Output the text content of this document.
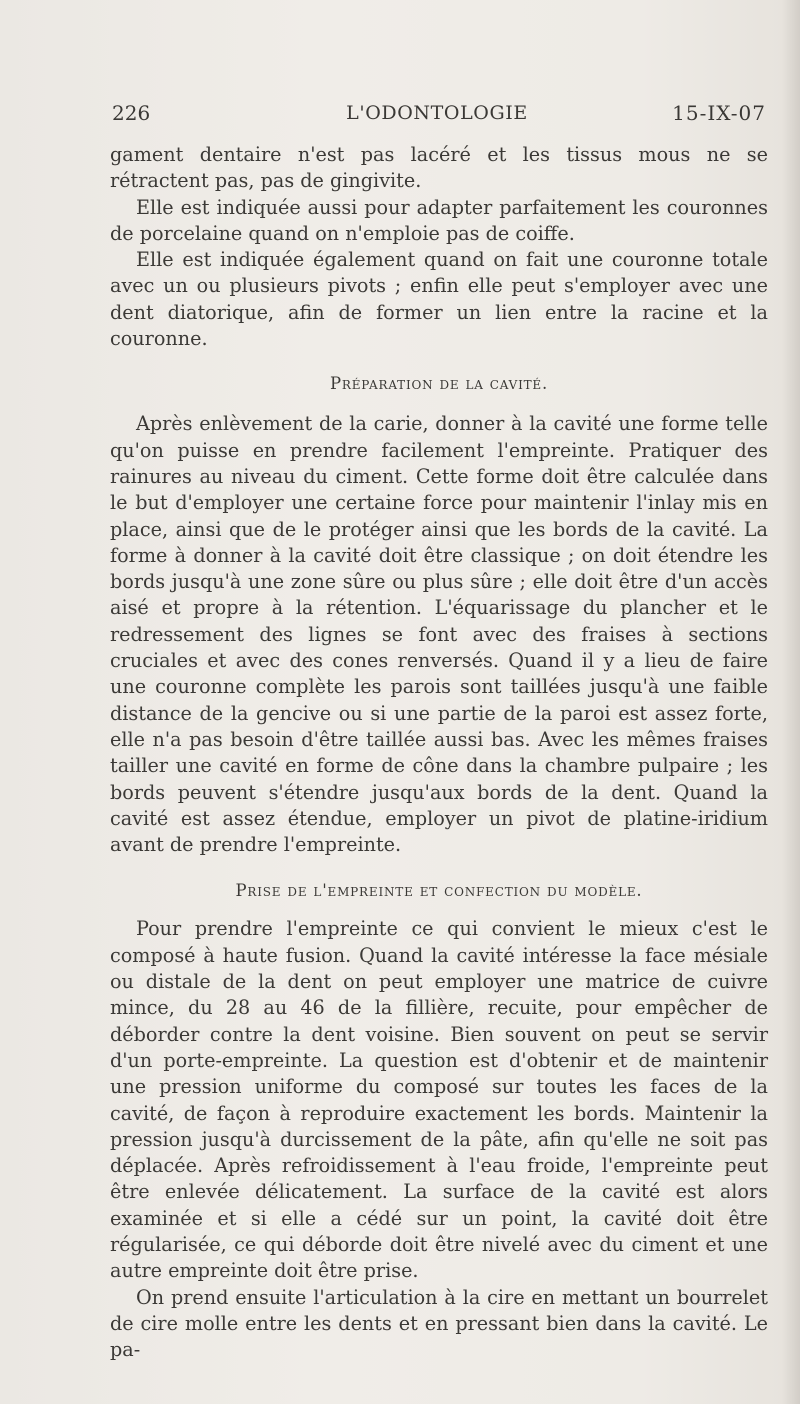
226	L'ODONTOLOGIE	15-IX-07

gament dentaire n'est pas lacéré et les tissus mous ne se rétractent pas, pas de gingivite.

Elle est indiquée aussi pour adapter parfaitement les couronnes de porcelaine quand on n'emploie pas de coiffe.

Elle est indiquée également quand on fait une couronne totale avec un ou plusieurs pivots ; enfin elle peut s'employer avec une dent diatorique, afin de former un lien entre la racine et la couronne.

Préparation de la cavité.

Après enlèvement de la carie, donner à la cavité une forme telle qu'on puisse en prendre facilement l'empreinte. Pratiquer des rainures au niveau du ciment. Cette forme doit être calculée dans le but d'employer une certaine force pour maintenir l'inlay mis en place, ainsi que de le protéger ainsi que les bords de la cavité. La forme à donner à la cavité doit être classique ; on doit étendre les bords jusqu'à une zone sûre ou plus sûre ; elle doit être d'un accès aisé et propre à la rétention. L'équarissage du plancher et le redressement des lignes se font avec des fraises à sections cruciales et avec des cones renversés. Quand il y a lieu de faire une couronne complète les parois sont taillées jusqu'à une faible distance de la gencive ou si une partie de la paroi est assez forte, elle n'a pas besoin d'être taillée aussi bas. Avec les mêmes fraises tailler une cavité en forme de cône dans la chambre pulpaire ; les bords peuvent s'étendre jusqu'aux bords de la dent. Quand la cavité est assez étendue, employer un pivot de platine-iridium avant de prendre l'empreinte.

Prise de l'empreinte et confection du modèle.

Pour prendre l'empreinte ce qui convient le mieux c'est le composé à haute fusion. Quand la cavité intéresse la face mésiale ou distale de la dent on peut employer une matrice de cuivre mince, du 28 au 46 de la fillière, recuite, pour empêcher de déborder contre la dent voisine. Bien souvent on peut se servir d'un porte-empreinte. La question est d'obtenir et de maintenir une pression uniforme du composé sur toutes les faces de la cavité, de façon à reproduire exactement les bords. Maintenir la pression jusqu'à durcissement de la pâte, afin qu'elle ne soit pas déplacée. Après refroidissement à l'eau froide, l'empreinte peut être enlevée délicatement. La surface de la cavité est alors examinée et si elle a cédé sur un point, la cavité doit être régularisée, ce qui déborde doit être nivelé avec du ciment et une autre empreinte doit être prise.

On prend ensuite l'articulation à la cire en mettant un bourrelet de cire molle entre les dents et en pressant bien dans la cavité. Le pa-
